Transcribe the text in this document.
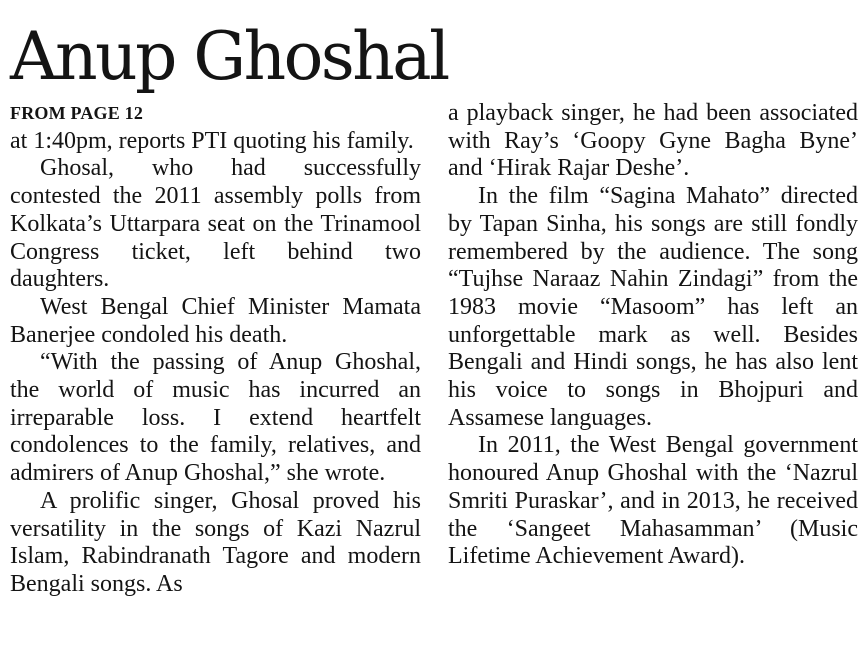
Anup Ghoshal
FROM PAGE 12

at 1:40pm, reports PTI quoting his family.

Ghosal, who had successfully contested the 2011 assembly polls from Kolkata’s Uttarpara seat on the Trinamool Congress ticket, left behind two daughters.

West Bengal Chief Minister Mamata Banerjee condoled his death.

“With the passing of Anup Ghoshal, the world of music has incurred an irreparable loss. I extend heartfelt condolences to the family, relatives, and admirers of Anup Ghoshal,” she wrote.

A prolific singer, Ghosal proved his versatility in the songs of Kazi Nazrul Islam, Rabindranath Tagore and modern Bengali songs. As

a playback singer, he had been associated with Ray’s ‘Goopy Gyne Bagha Byne’ and ‘Hirak Rajar Deshe’.

In the film “Sagina Mahato” directed by Tapan Sinha, his songs are still fondly remembered by the audience. The song “Tujhse Naraaz Nahin Zindagi” from the 1983 movie “Masoom” has left an unforgettable mark as well. Besides Bengali and Hindi songs, he has also lent his voice to songs in Bhojpuri and Assamese languages.

In 2011, the West Bengal government honoured Anup Ghoshal with the ‘Nazrul Smriti Puraskar’, and in 2013, he received the ‘Sangeet Mahasamman’ (Music Lifetime Achievement Award).
